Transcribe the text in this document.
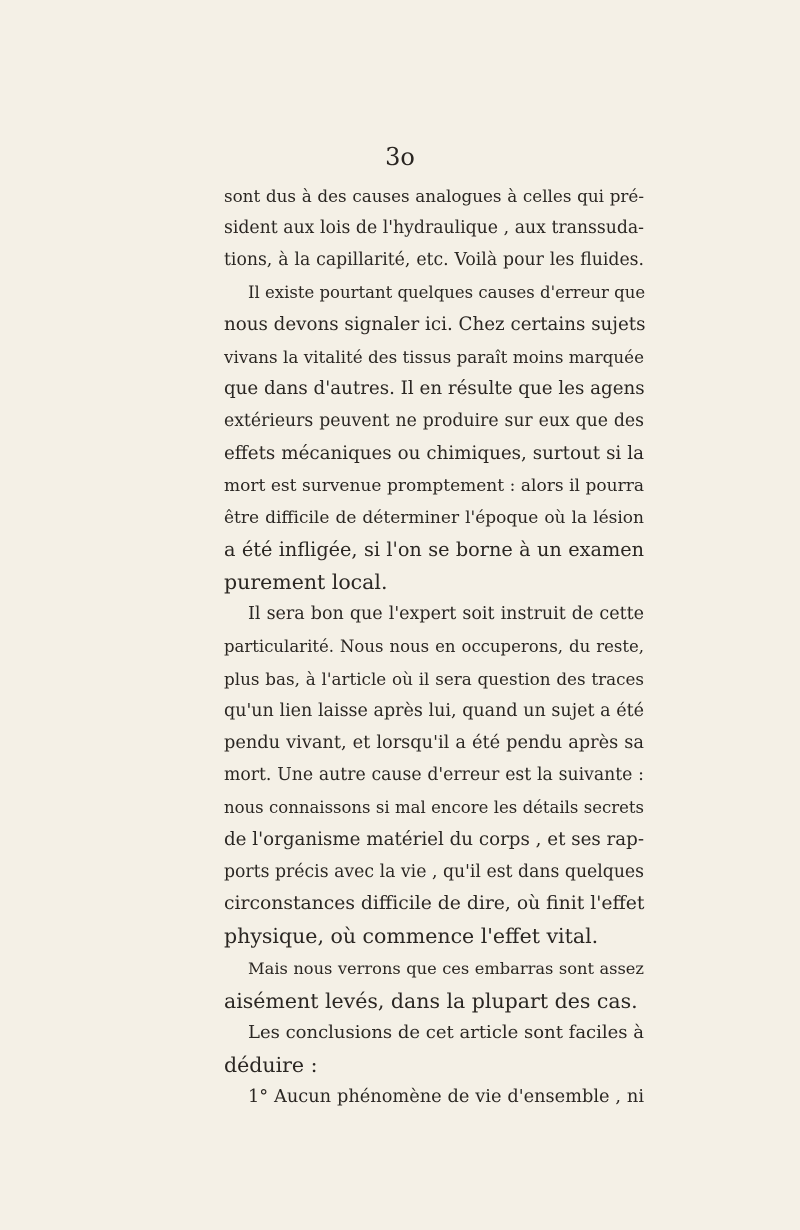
3o
sont dus à des causes analogues à celles qui pré-
sident aux lois de l'hydraulique , aux transsuda-
tions, à la capillarité, etc. Voilà pour les fluides.
Il existe pourtant quelques causes d'erreur que
nous devons signaler ici. Chez certains sujets
vivans la vitalité des tissus paraît moins marquée
que dans d'autres. Il en résulte que les agens
extérieurs peuvent ne produire sur eux que des
effets mécaniques ou chimiques, surtout si la
mort est survenue promptement : alors il pourra
être difficile de déterminer l'époque où la lésion
a été infligée, si l'on se borne à un examen
purement local.
Il sera bon que l'expert soit instruit de cette
particularité. Nous nous en occuperons, du reste,
plus bas, à l'article où il sera question des traces
qu'un lien laisse après lui, quand un sujet a été
pendu vivant, et lorsqu'il a été pendu après sa
mort. Une autre cause d'erreur est la suivante :
nous connaissons si mal encore les détails secrets
de l'organisme matériel du corps , et ses rap-
ports précis avec la vie , qu'il est dans quelques
circonstances difficile de dire, où finit l'effet
physique, où commence l'effet vital.
Mais nous verrons que ces embarras sont assez
aisément levés, dans la plupart des cas.
Les conclusions de cet article sont faciles à
déduire :
1° Aucun phénomène de vie d'ensemble , ni
